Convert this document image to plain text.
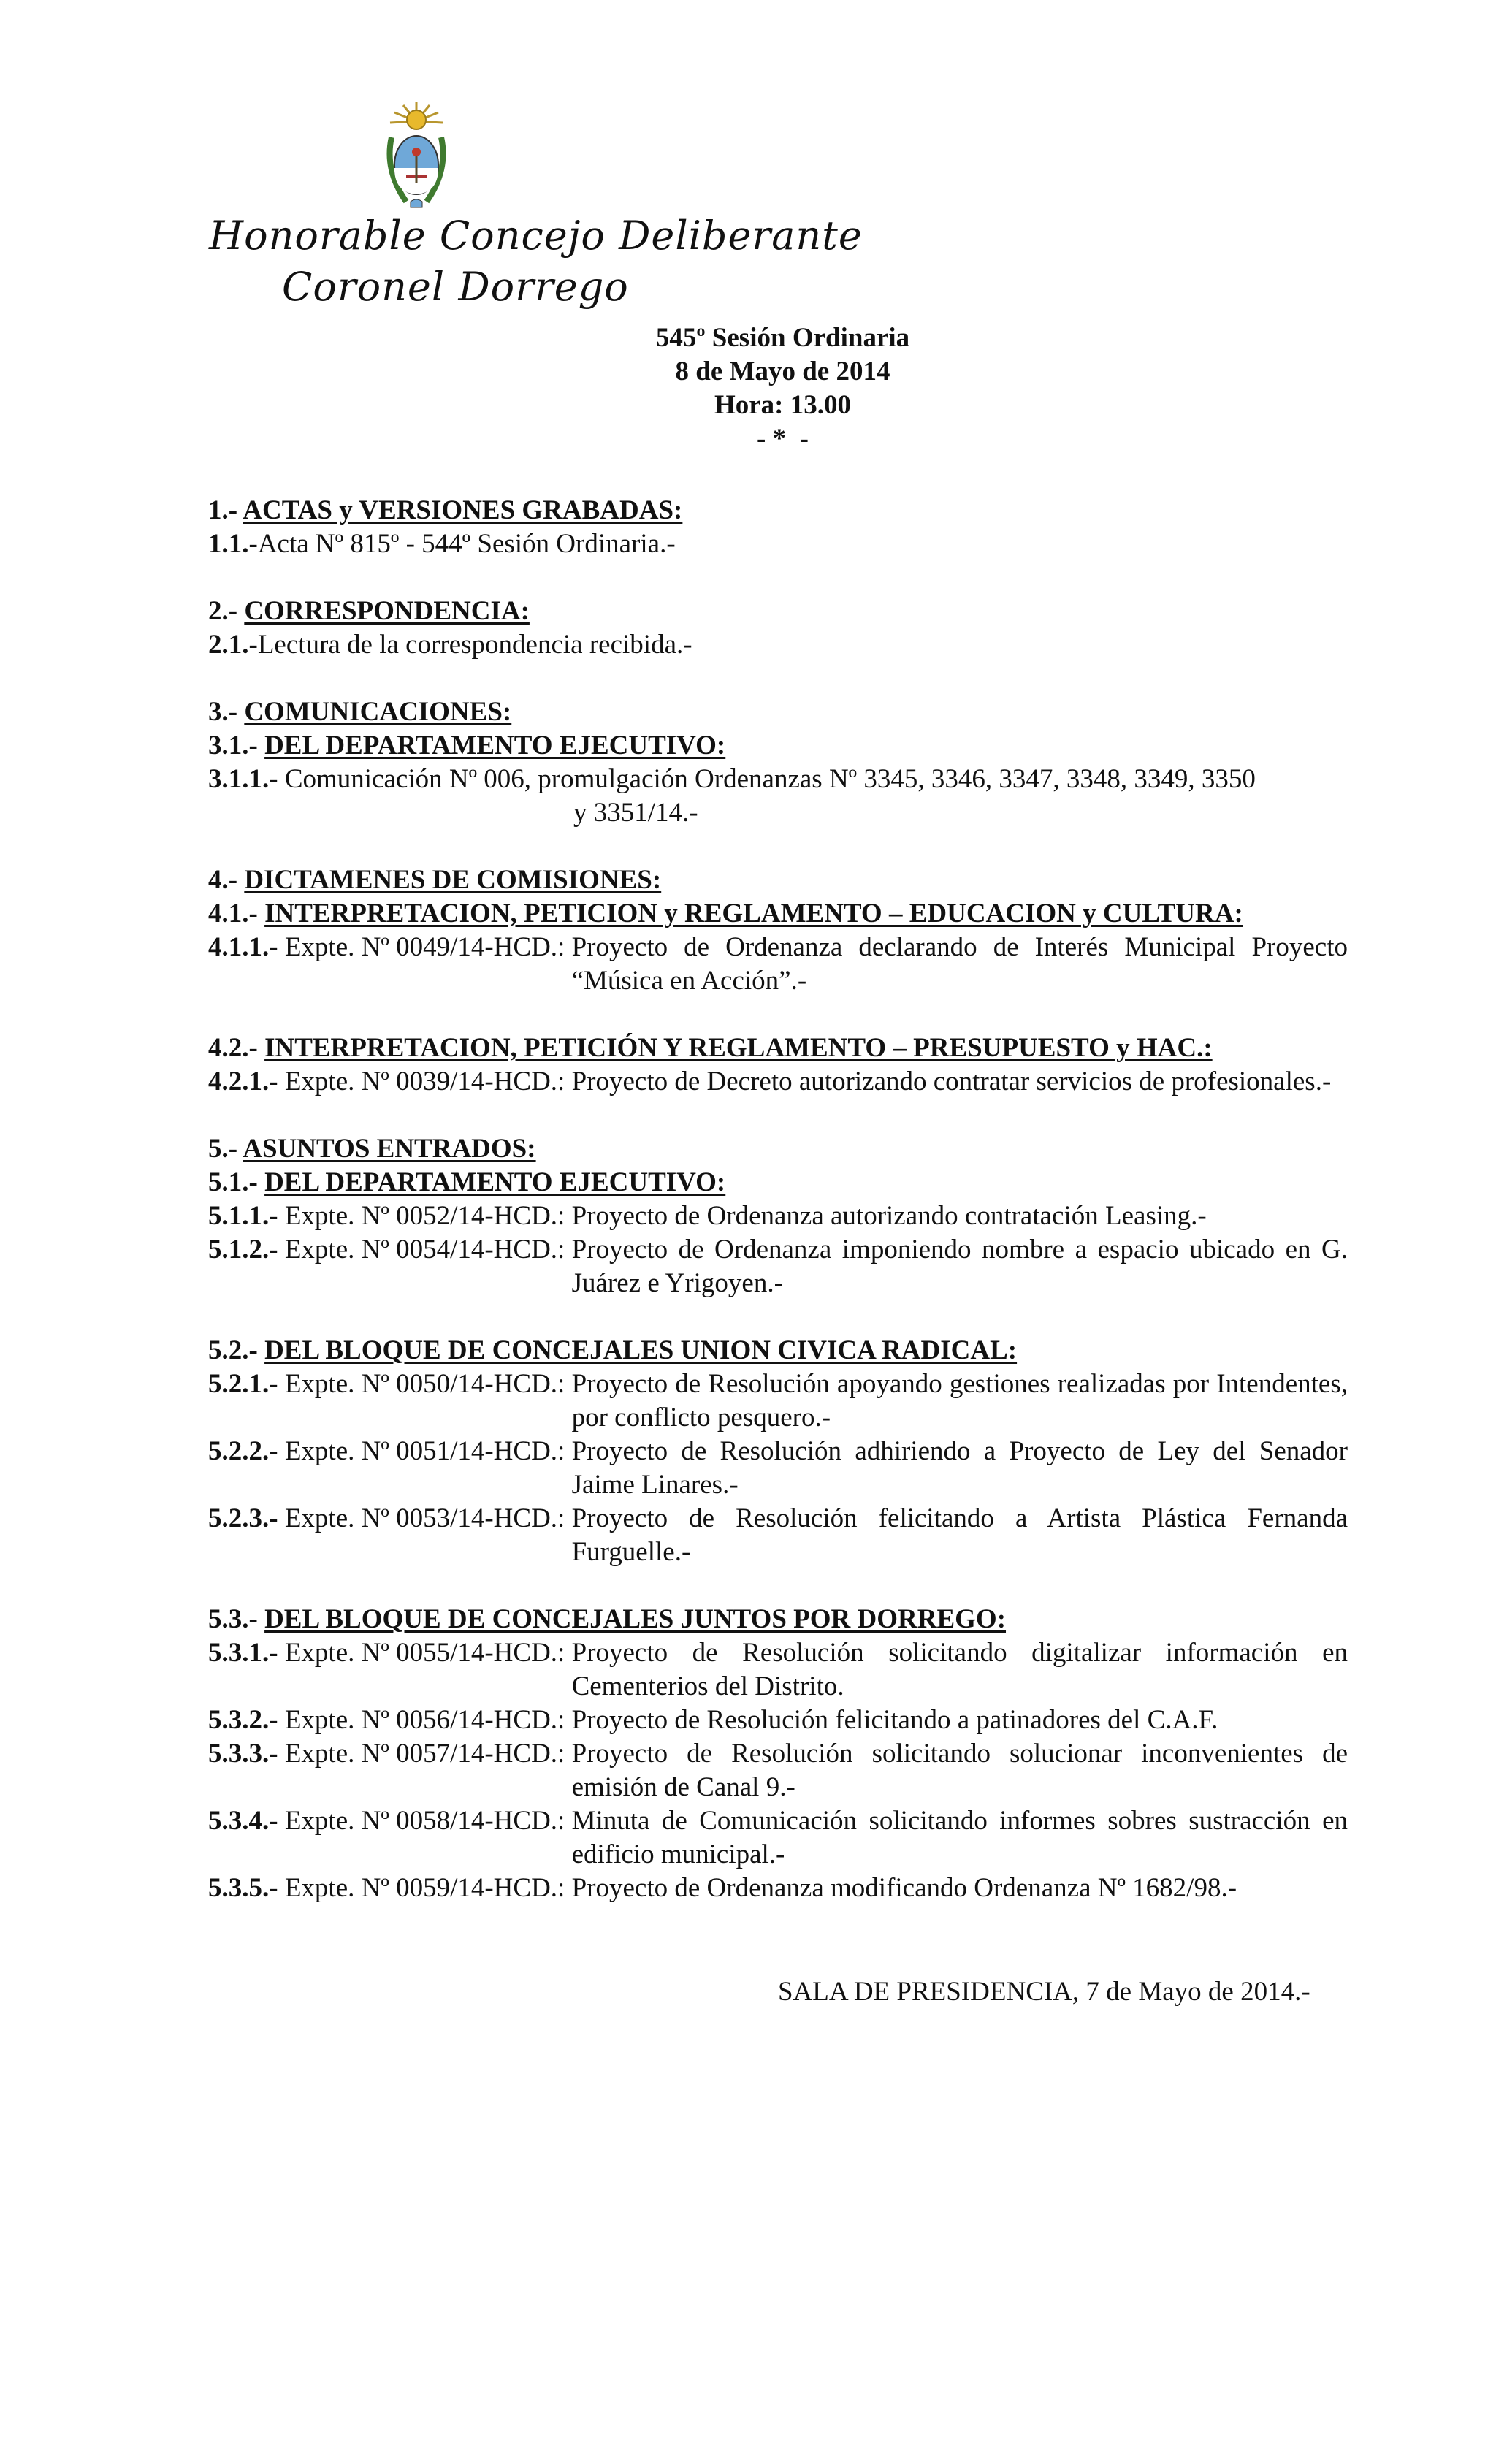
Honorable Concejo Deliberante
Coronel Dorrego
545º Sesión Ordinaria
8 de Mayo de 2014
Hora: 13.00
- *  -
1.- ACTAS y VERSIONES GRABADAS:
1.1.- Acta Nº 815º - 544º Sesión Ordinaria.-
2.- CORRESPONDENCIA:
2.1.- Lectura de la correspondencia recibida.-
3.- COMUNICACIONES:
3.1.- DEL DEPARTAMENTO EJECUTIVO:
3.1.1.- Comunicación Nº 006, promulgación Ordenanzas Nº 3345, 3346, 3347, 3348, 3349, 3350
y 3351/14.-
4.- DICTAMENES DE COMISIONES:
4.1.- INTERPRETACION, PETICION y REGLAMENTO – EDUCACION y CULTURA:
4.1.1.- Expte. Nº 0049/14-HCD.: Proyecto de Ordenanza declarando de Interés Municipal Proyecto “Música en Acción”.-
4.2.- INTERPRETACION, PETICIÓN Y REGLAMENTO – PRESUPUESTO y HAC.:
4.2.1.- Expte. Nº 0039/14-HCD.: Proyecto de Decreto autorizando contratar servicios de profesionales.-
5.- ASUNTOS ENTRADOS:
5.1.- DEL DEPARTAMENTO EJECUTIVO:
5.1.1.- Expte. Nº 0052/14-HCD.: Proyecto de Ordenanza autorizando contratación Leasing.-
5.1.2.- Expte. Nº 0054/14-HCD.: Proyecto de Ordenanza imponiendo nombre a espacio ubicado en G. Juárez e Yrigoyen.-
5.2.- DEL BLOQUE DE CONCEJALES UNION CIVICA RADICAL:
5.2.1.- Expte. Nº 0050/14-HCD.: Proyecto de Resolución apoyando gestiones realizadas por Intendentes, por conflicto pesquero.-
5.2.2.- Expte. Nº 0051/14-HCD.: Proyecto de Resolución adhiriendo a Proyecto de Ley del Senador Jaime Linares.-
5.2.3.- Expte. Nº 0053/14-HCD.: Proyecto de Resolución felicitando a Artista Plástica Fernanda Furguelle.-
5.3.- DEL BLOQUE DE CONCEJALES JUNTOS POR DORREGO:
5.3.1.- Expte. Nº 0055/14-HCD.: Proyecto de Resolución solicitando digitalizar información en Cementerios del Distrito.
5.3.2.- Expte. Nº 0056/14-HCD.: Proyecto de Resolución felicitando a patinadores del C.A.F.
5.3.3.- Expte. Nº 0057/14-HCD.: Proyecto de Resolución solicitando solucionar inconvenientes de emisión de Canal 9.-
5.3.4.- Expte. Nº 0058/14-HCD.: Minuta de Comunicación solicitando informes sobres sustracción en edificio municipal.-
5.3.5.- Expte. Nº 0059/14-HCD.: Proyecto de Ordenanza modificando Ordenanza Nº 1682/98.-
SALA DE PRESIDENCIA, 7 de Mayo de 2014.-
